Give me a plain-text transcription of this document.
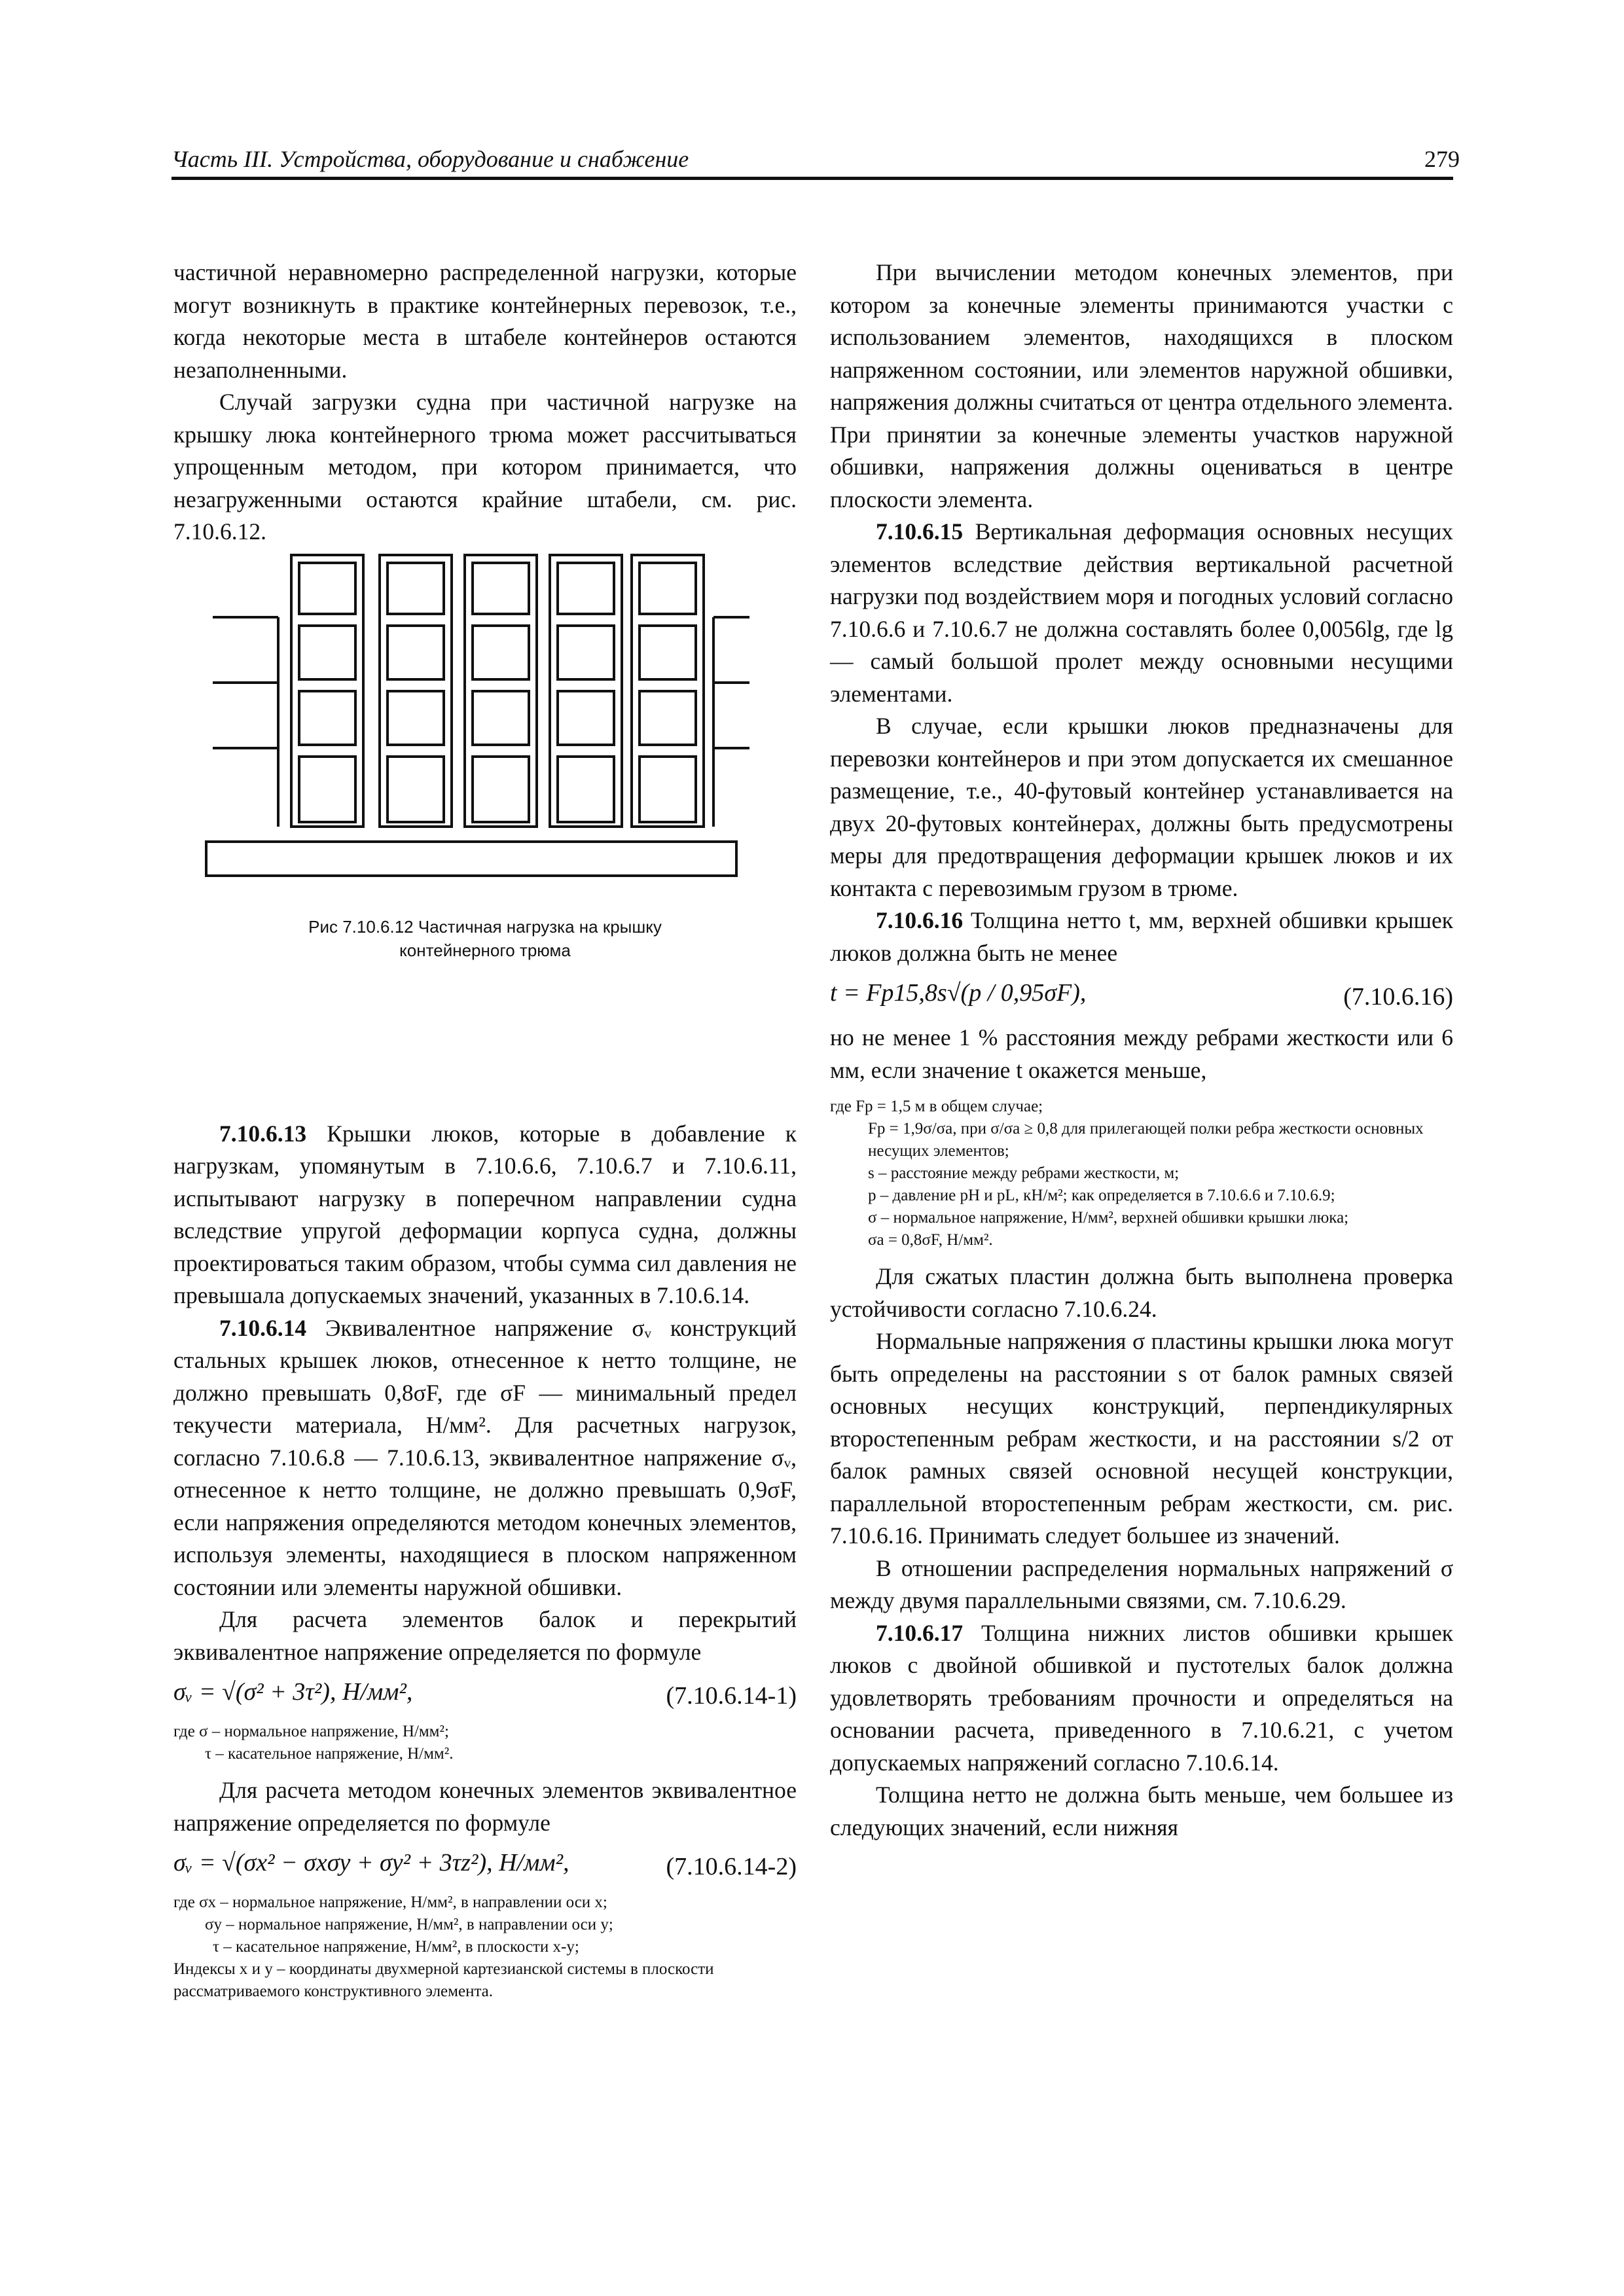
Часть III. Устройства, оборудование и снабжение	279

частичной неравномерно распределенной нагрузки, которые могут возникнуть в практике контейнерных перевозок, т.е., когда некоторые места в штабеле контейнеров остаются незаполненными.

Случай загрузки судна при частичной нагрузке на крышку люка контейнерного трюма может рассчитываться упрощенным методом, при котором принимается, что незагруженными остаются крайние штабели, см. рис. 7.10.6.12.

Рис 7.10.6.12 Частичная нагрузка на крышку
контейнерного трюма

7.10.6.13 Крышки люков, которые в добавление к нагрузкам, упомянутым в 7.10.6.6, 7.10.6.7 и 7.10.6.11, испытывают нагрузку в поперечном направлении судна вследствие упругой деформации корпуса судна, должны проектироваться таким образом, чтобы сумма сил давления не превышала допускаемых значений, указанных в 7.10.6.14.

7.10.6.14 Эквивалентное напряжение σᵥ конструкций стальных крышек люков, отнесенное к нетто толщине, не должно превышать 0,8σF, где σF — минимальный предел текучести материала, Н/мм². Для расчетных нагрузок, согласно 7.10.6.8 — 7.10.6.13, эквивалентное напряжение σᵥ, отнесенное к нетто толщине, не должно превышать 0,9σF, если напряжения определяются методом конечных элементов, используя элементы, находящиеся в плоском напряженном состоянии или элементы наружной обшивки.

Для расчета элементов балок и перекрытий эквивалентное напряжение определяется по формуле

σᵥ = √(σ² + 3τ²), Н/мм²,	(7.10.6.14-1)

где σ – нормальное напряжение, Н/мм²;

τ – касательное напряжение, Н/мм².

Для расчета методом конечных элементов эквивалентное напряжение определяется по формуле

σᵥ = √(σx² − σxσy + σy² + 3τz²), Н/мм²,	(7.10.6.14-2)

где σx – нормальное напряжение, Н/мм², в направлении оси x;

σy – нормальное напряжение, Н/мм², в направлении оси y;

τ – касательное напряжение, Н/мм², в плоскости x-y;

Индексы x и y – координаты двухмерной картезианской системы в плоскости рассматриваемого конструктивного элемента.

При вычислении методом конечных элементов, при котором за конечные элементы принимаются участки с использованием элементов, находящихся в плоском напряженном состоянии, или элементов наружной обшивки, напряжения должны считаться от центра отдельного элемента. При принятии за конечные элементы участков наружной обшивки, напряжения должны оцениваться в центре плоскости элемента.

7.10.6.15 Вертикальная деформация основных несущих элементов вследствие действия вертикальной расчетной нагрузки под воздействием моря и погодных условий согласно 7.10.6.6 и 7.10.6.7 не должна составлять более 0,0056lg, где lg — самый большой пролет между основными несущими элементами.

В случае, если крышки люков предназначены для перевозки контейнеров и при этом допускается их смешанное размещение, т.е., 40-футовый контейнер устанавливается на двух 20-футовых контейнерах, должны быть предусмотрены меры для предотвращения деформации крышек люков и их контакта с перевозимым грузом в трюме.

7.10.6.16 Толщина нетто t, мм, верхней обшивки крышек люков должна быть не менее

t = Fp15,8s√(p / 0,95σF),	(7.10.6.16)

но не менее 1 % расстояния между ребрами жесткости или 6 мм, если значение t окажется меньше,

где Fp = 1,5 м в общем случае;

Fp = 1,9σ/σa, при σ/σa ≥ 0,8 для прилегающей полки ребра жесткости основных несущих элементов;

s – расстояние между ребрами жесткости, м;

p – давление pH и pL, кН/м²; как определяется в 7.10.6.6 и 7.10.6.9;

σ – нормальное напряжение, Н/мм², верхней обшивки крышки люка;

σa = 0,8σF, Н/мм².

Для сжатых пластин должна быть выполнена проверка устойчивости согласно 7.10.6.24.

Нормальные напряжения σ пластины крышки люка могут быть определены на расстоянии s от балок рамных связей основных несущих конструкций, перпендикулярных второстепенным ребрам жесткости, и на расстоянии s/2 от балок рамных связей основной несущей конструкции, параллельной второстепенным ребрам жесткости, см. рис. 7.10.6.16. Принимать следует большее из значений.

В отношении распределения нормальных напряжений σ между двумя параллельными связями, см. 7.10.6.29.

7.10.6.17 Толщина нижних листов обшивки крышек люков с двойной обшивкой и пустотелых балок должна удовлетворять требованиям прочности и определяться на основании расчета, приведенного в 7.10.6.21, с учетом допускаемых напряжений согласно 7.10.6.14.

Толщина нетто не должна быть меньше, чем большее из следующих значений, если нижняя
